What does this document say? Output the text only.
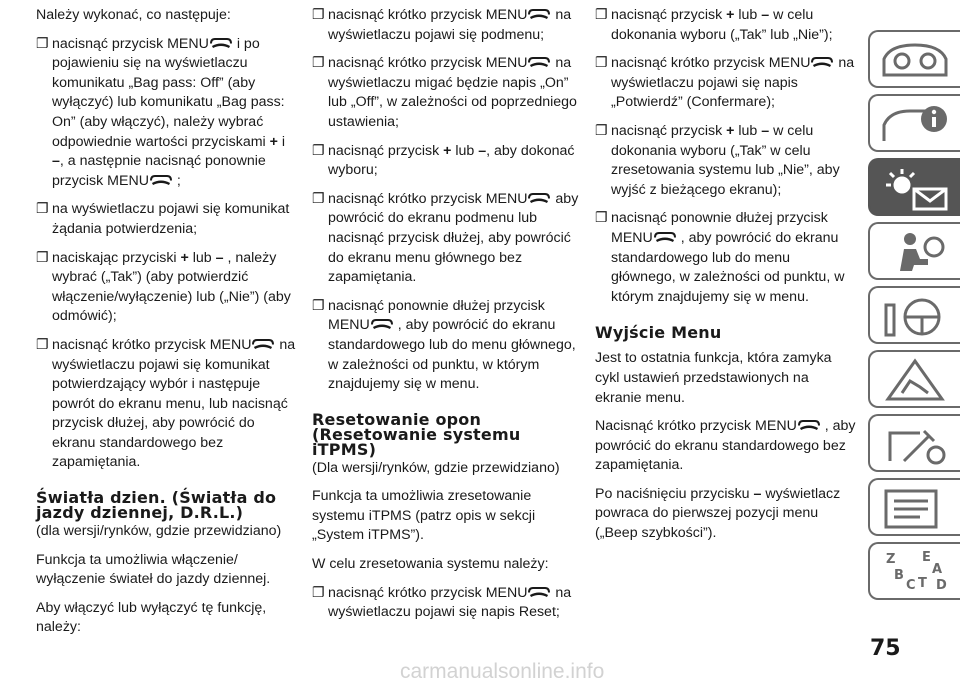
Należy wykonać, co następuje:

❐ nacisnąć przycisk MENU i po pojawieniu się na wyświetlaczu komunikatu „Bag pass: Off” (aby wyłączyć) lub komunikatu „Bag pass: On” (aby włączyć), należy wybrać odpowiednie wartości przyciskami + i –, a następnie nacisnąć ponownie przycisk MENU ;
❐ na wyświetlaczu pojawi się komunikat żądania potwierdzenia;
❐ naciskając przyciski + lub – , należy wybrać („Tak”) (aby potwierdzić włączenie/wyłączenie) lub („Nie”) (aby odmówić);
❐ nacisnąć krótko przycisk MENU na wyświetlaczu pojawi się komunikat potwierdzający wybór i następuje powrót do ekranu menu, lub nacisnąć przycisk dłużej, aby powrócić do ekranu standardowego bez zapamiętania.
Światła dzien. (Światła do jazdy dziennej, D.R.L.)

(dla wersji/rynków, gdzie przewidziano)

Funkcja ta umożliwia włączenie/ wyłączenie świateł do jazdy dziennej.

Aby włączyć lub wyłączyć tę funkcję, należy:

❐ nacisnąć krótko przycisk MENU na wyświetlaczu pojawi się podmenu;
❐ nacisnąć krótko przycisk MENU na wyświetlaczu migać będzie napis „On” lub „Off”, w zależności od poprzedniego ustawienia;
❐ nacisnąć przycisk + lub –, aby dokonać wyboru;
❐ nacisnąć krótko przycisk MENU aby powrócić do ekranu podmenu lub nacisnąć przycisk dłużej, aby powrócić do ekranu menu głównego bez zapamiętania.
❐ nacisnąć ponownie dłużej przycisk MENU , aby powrócić do ekranu standardowego lub do menu głównego, w zależności od punktu, w którym znajdujemy się w menu.
Resetowanie opon (Resetowanie systemu iTPMS)

(Dla wersji/rynków, gdzie przewidziano)

Funkcja ta umożliwia zresetowanie systemu iTPMS (patrz opis w sekcji „System iTPMS”).

W celu zresetowania systemu należy:

❐ nacisnąć krótko przycisk MENU na wyświetlaczu pojawi się napis Reset;
❐ nacisnąć przycisk + lub – w celu dokonania wyboru („Tak” lub „Nie”);
❐ nacisnąć krótko przycisk MENU na wyświetlaczu pojawi się napis „Potwierdź” (Confermare);
❐ nacisnąć przycisk + lub – w celu dokonania wyboru („Tak” w celu zresetowania systemu lub „Nie”, aby wyjść z bieżącego ekranu);
❐ nacisnąć ponownie dłużej przycisk MENU , aby powrócić do ekranu standardowego lub do menu głównego, w zależności od punktu, w którym znajdujemy się w menu.
Wyjście Menu

Jest to ostatnia funkcja, która zamyka cykl ustawień przedstawionych na ekranie menu.

Nacisnąć krótko przycisk MENU , aby powrócić do ekranu standardowego bez zapamiętania.

Po naciśnięciu przycisku – wyświetlacz powraca do pierwszej pozycji menu („Beep szybkości”).

Z E
A
B
C T D
75
carmanualsonline.info
